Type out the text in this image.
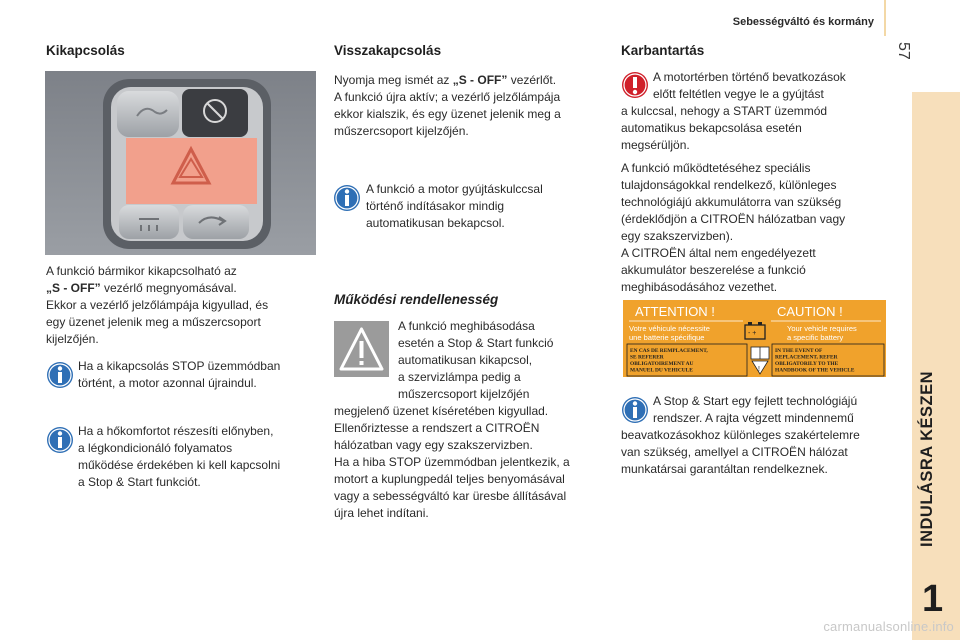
Sebességváltó és kormány
57
INDULÁSRA KÉSZEN
1
Kikapcsolás
A funkció bármikor kikapcsolható az
„S - OFF” vezérlő megnyomásával.
Ekkor a vezérlő jelzőlámpája kigyullad, és
egy üzenet jelenik meg a műszercsoport
kijelzőjén.
Ha a kikapcsolás STOP üzemmódban
történt, a motor azonnal újraindul.
Ha a hőkomfortot részesíti előnyben,
a légkondicionáló folyamatos
működése érdekében ki kell kapcsolni
a Stop & Start funkciót.
Visszakapcsolás
Nyomja meg ismét az „S - OFF” vezérlőt.
A funkció újra aktív; a vezérlő jelzőlámpája
ekkor kialszik, és egy üzenet jelenik meg a
műszercsoport kijelzőjén.
A funkció a motor gyújtáskulccsal
történő indításakor mindig
automatikusan bekapcsol.
Működési rendellenesség
A funkció meghibásodása
esetén a Stop & Start funkció
automatikusan kikapcsol,
a szervizlámpa pedig a
műszercsoport kijelzőjén
megjelenő üzenet kíséretében kigyullad.
Ellenőriztesse a rendszert a CITROËN
hálózatban vagy egy szakszervizben.
Ha a hiba STOP üzemmódban jelentkezik, a
motort a kuplungpedál teljes benyomásával
vagy a sebességváltó kar üresbe állításával
újra lehet indítani.
Karbantartás
A motortérben történő bevatkozások
előtt feltétlen vegye le a gyújtást
a kulccsal, nehogy a START üzemmód
automatikus bekapcsolása esetén
megsérüljön.
A funkció működtetéséhez speciális
tulajdonságokkal rendelkező, különleges
technológiájú akkumulátorra van szükség
(érdeklődjön a CITROËN hálózatban vagy
egy szakszervizben).
A CITROËN által nem engedélyezett
akkumulátor beszerelése a funkció
meghibásodásához vezethet.
ATTENTION !	CAUTION !
Votre véhicule nécessite
une batterie spécifique
Your vehicle requires
a specific battery
- +
!
EN CAS DE REMPLACEMENT,
SE REFERER
OBLIGATOIREMENT AU
MANUEL DU VEHICULE
IN THE EVENT OF
REPLACEMENT, REFER
OBLIGATORILY TO THE
HANDBOOK OF THE VEHICLE
A Stop & Start egy fejlett technológiájú
rendszer. A rajta végzett mindennemű
beavatkozásokhoz különleges szakértelemre
van szükség, amellyel a CITROËN hálózat
munkatársai garantáltan rendelkeznek.
carmanualsonline.info
